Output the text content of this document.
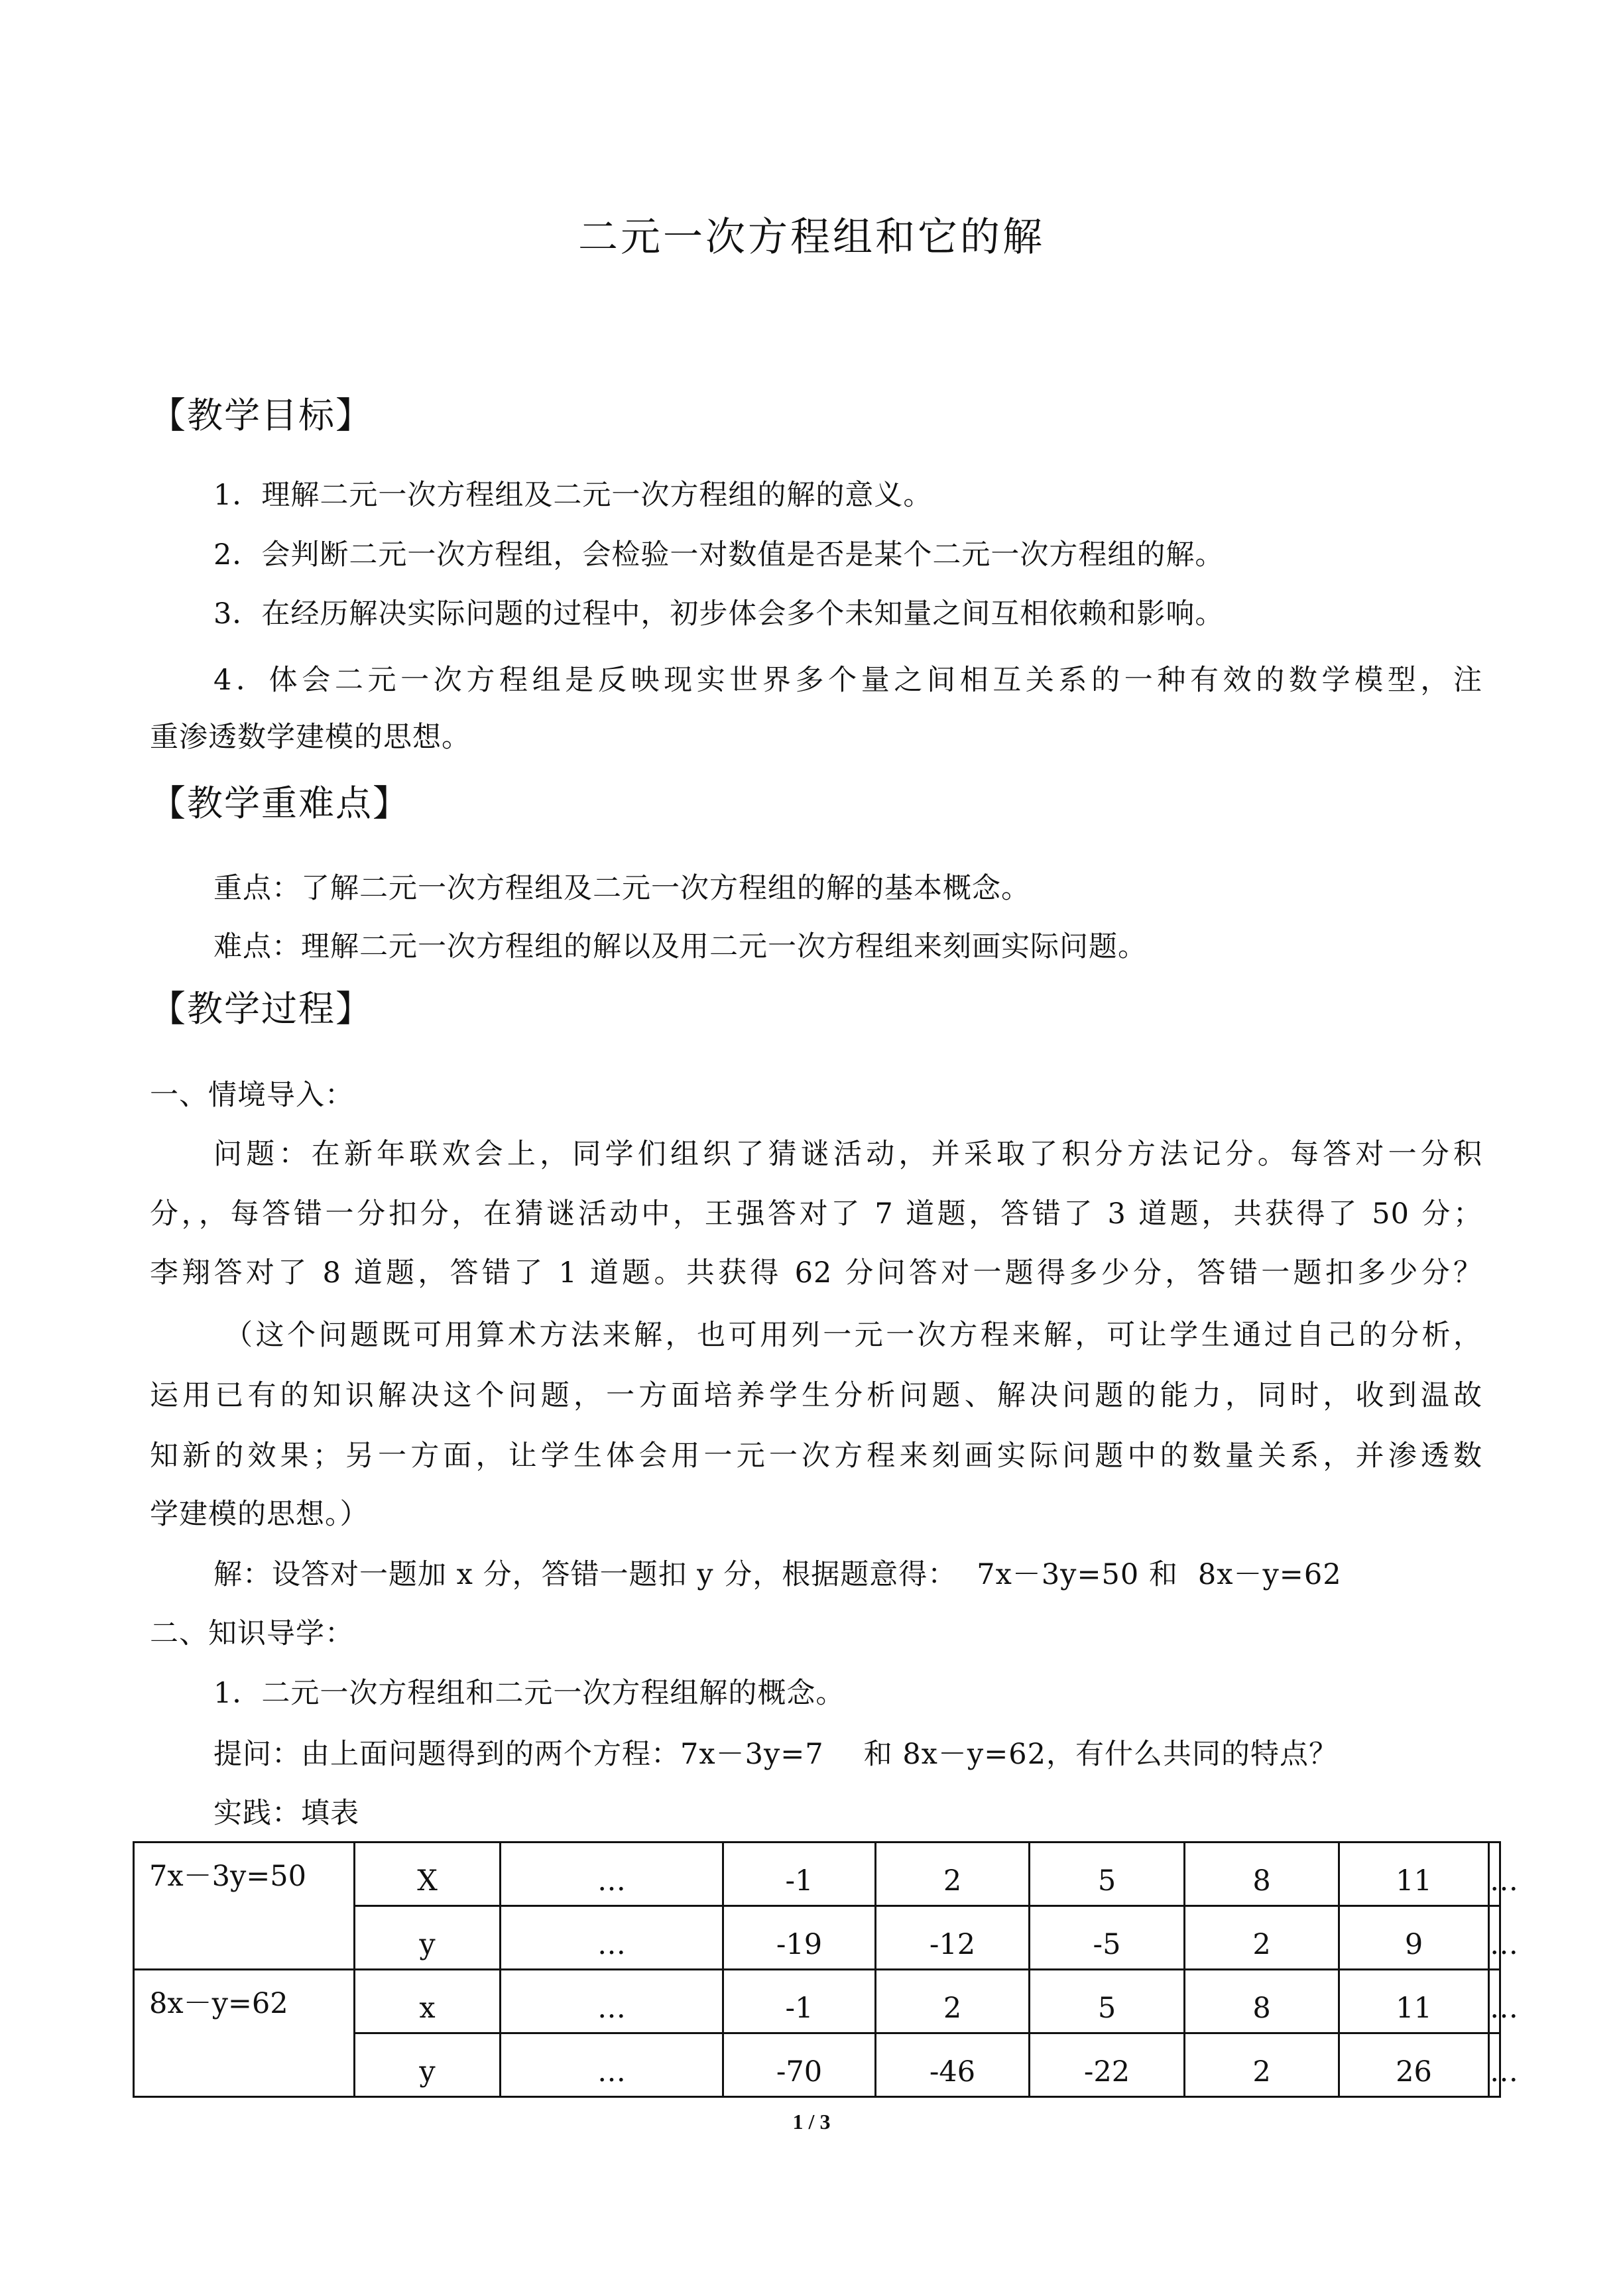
二元一次方程组和它的解
【教学目标】
1．理解二元一次方程组及二元一次方程组的解的意义。
2．会判断二元一次方程组，会检验一对数值是否是某个二元一次方程组的解。
3．在经历解决实际问题的过程中，初步体会多个未知量之间互相依赖和影响。
4．体会二元一次方程组是反映现实世界多个量之间相互关系的一种有效的数学模型，注
重渗透数学建模的思想。
【教学重难点】
重点：了解二元一次方程组及二元一次方程组的解的基本概念。
难点：理解二元一次方程组的解以及用二元一次方程组来刻画实际问题。
【教学过程】
一、情境导入：
问题：在新年联欢会上，同学们组织了猜谜活动，并采取了积分方法记分。每答对一分积
分，，每答错一分扣分，在猜谜活动中，王强答对了 7 道题，答错了 3 道题，共获得了 50 分；
李翔答对了 8 道题，答错了 1 道题。共获得 62 分问答对一题得多少分，答错一题扣多少分？
（这个问题既可用算术方法来解，也可用列一元一次方程来解，可让学生通过自己的分析，
运用已有的知识解决这个问题，一方面培养学生分析问题、解决问题的能力，同时，收到温故
知新的效果；另一方面，让学生体会用一元一次方程来刻画实际问题中的数量关系，并渗透数
学建模的思想。）
解：设答对一题加 x 分，答错一题扣 y 分，根据题意得： 7x－3y=50 和 8x－y=62
二、知识导学：
1．二元一次方程组和二元一次方程组解的概念。
提问：由上面问题得到的两个方程：7x－3y=7 和 8x－y=62，有什么共同的特点？
实践：填表
7x－3y=50	X	…	-1	2	5	8	11	…
	y	…	-19	-12	-5	2	9	…
8x－y=62	x	…	-1	2	5	8	11	…
	y	…	-70	-46	-22	2	26	…
1 / 3
